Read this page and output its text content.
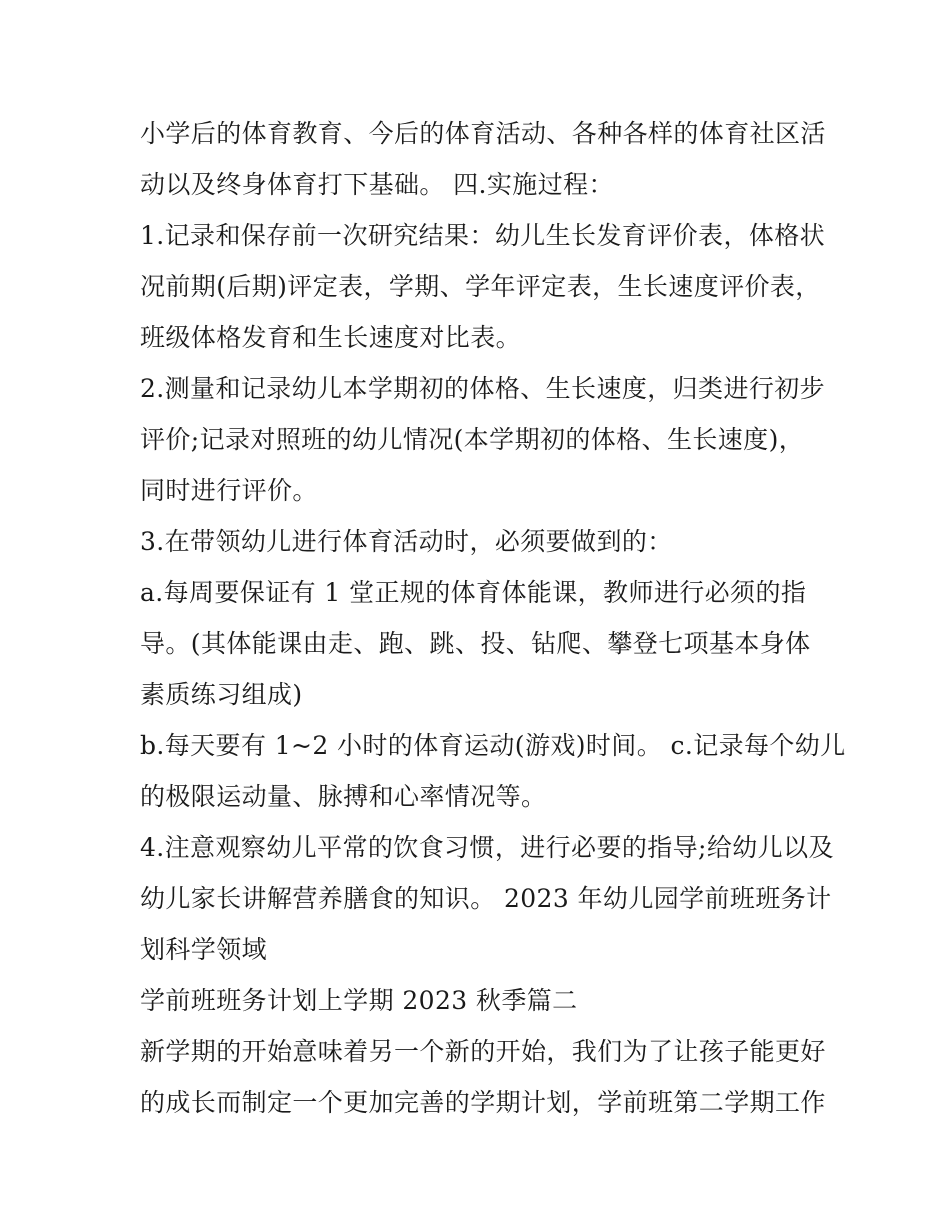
小学后的体育教育、今后的体育活动、各种各样的体育社区活
动以及终身体育打下基础。 四.实施过程：
1.记录和保存前一次研究结果：幼儿生长发育评价表，体格状
况前期(后期)评定表，学期、学年评定表，生长速度评价表，
班级体格发育和生长速度对比表。
2.测量和记录幼儿本学期初的体格、生长速度，归类进行初步
评价;记录对照班的幼儿情况(本学期初的体格、生长速度)，
同时进行评价。
3.在带领幼儿进行体育活动时，必须要做到的：
a.每周要保证有 1 堂正规的体育体能课，教师进行必须的指
导。(其体能课由走、跑、跳、投、钻爬、攀登七项基本身体
素质练习组成)
b.每天要有 1~2 小时的体育运动(游戏)时间。 c.记录每个幼儿
的极限运动量、脉搏和心率情况等。
4.注意观察幼儿平常的饮食习惯，进行必要的指导;给幼儿以及
幼儿家长讲解营养膳食的知识。 2023 年幼儿园学前班班务计
划科学领域
学前班班务计划上学期 2023 秋季篇二
新学期的开始意味着另一个新的开始，我们为了让孩子能更好
的成长而制定一个更加完善的学期计划，学前班第二学期工作
